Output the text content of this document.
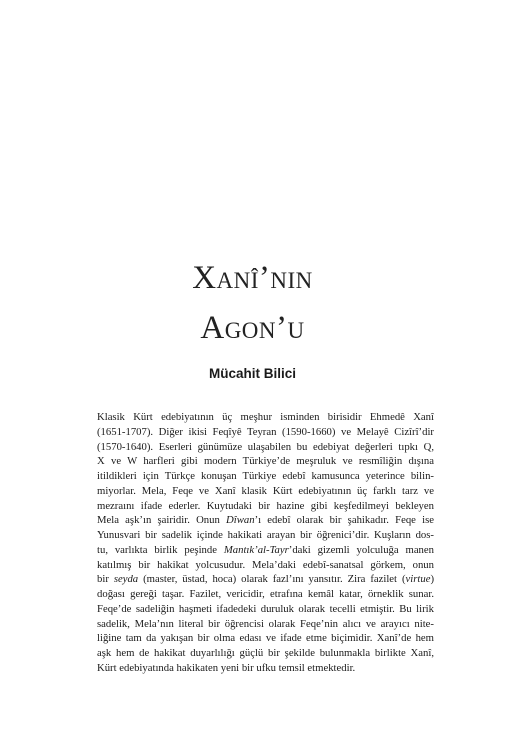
Xanî’nin
Agon’u

Mücahit Bilici

Klasik Kürt edebiyatının üç meşhur isminden birisidir Ehmedê Xanî
(1651-1707). Diğer ikisi Feqîyê Teyran (1590-1660) ve Melayê Cizîrî’dir
(1570-1640). Eserleri günümüze ulaşabilen bu edebiyat değerleri tıpkı Q,
X ve W harfleri gibi modern Türkiye’de meşruluk ve resmîliğin dışına
itildikleri için Türkçe konuşan Türkiye edebî kamusunca yeterince bilin-
miyorlar. Mela, Feqe ve Xanî klasik Kürt edebiyatının üç farklı tarz ve
mezraını ifade ederler. Kuytudaki bir hazine gibi keşfedilmeyi bekleyen
Mela aşk’ın şairidir. Onun Dîwan’ı edebî olarak bir şahikadır. Feqe ise
Yunusvari bir sadelik içinde hakikati arayan bir öğrenici’dir. Kuşların dos-
tu, varlıkta birlik peşinde Mantık’al-Tayr’daki gizemli yolculuğa manen
katılmış bir hakikat yolcusudur. Mela’daki edebî-sanatsal görkem, onun
bir seyda (master, üstad, hoca) olarak fazl’ını yansıtır. Zira fazilet (virtue)
doğası gereği taşar. Fazilet, vericidir, etrafına kemâl katar, örneklik sunar.
Feqe’de sadeliğin haşmeti ifadedeki duruluk olarak tecelli etmiştir. Bu lirik
sadelik, Mela’nın literal bir öğrencisi olarak Feqe’nin alıcı ve arayıcı nite-
liğine tam da yakışan bir olma edası ve ifade etme biçimidir. Xanî’de hem
aşk hem de hakikat duyarlılığı güçlü bir şekilde bulunmakla birlikte Xanî,
Kürt edebiyatında hakikaten yeni bir ufku temsil etmektedir.
